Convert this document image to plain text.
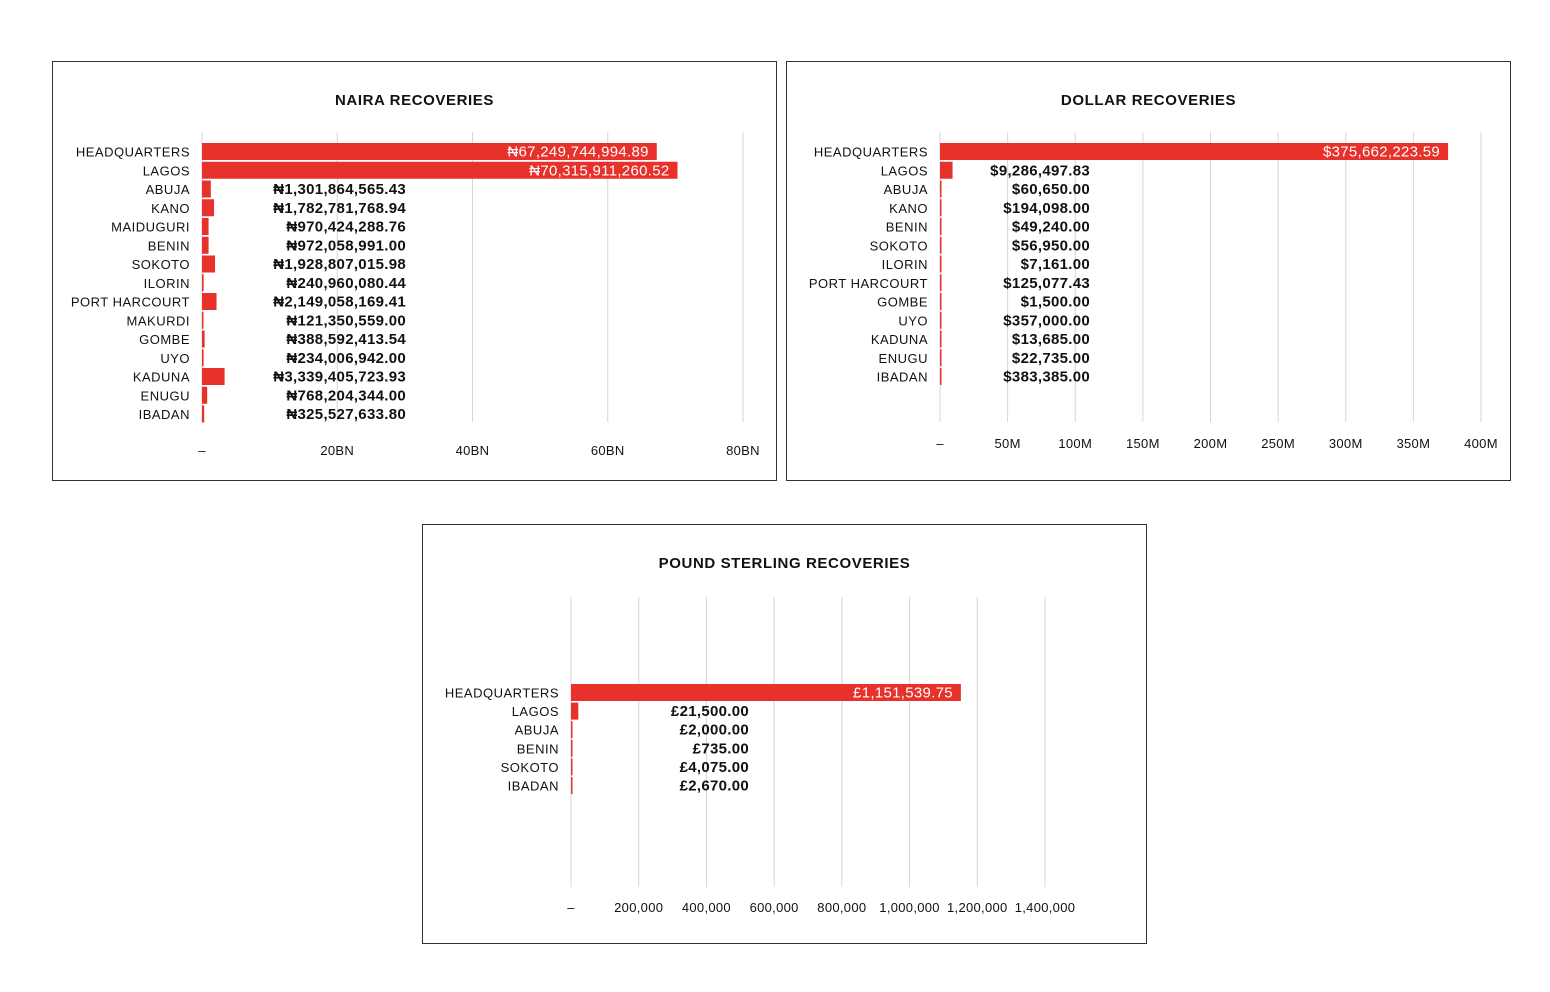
NAIRA RECOVERIES
–	20BN	40BN	60BN	80BN
HEADQUARTERS	₦67,249,744,994.89
LAGOS	₦70,315,911,260.52
ABUJA	₦1,301,864,565.43
KANO	₦1,782,781,768.94
MAIDUGURI	₦970,424,288.76
BENIN	₦972,058,991.00
SOKOTO	₦1,928,807,015.98
ILORIN	₦240,960,080.44
PORT HARCOURT	₦2,149,058,169.41
MAKURDI	₦121,350,559.00
GOMBE	₦388,592,413.54
UYO	₦234,006,942.00
KADUNA	₦3,339,405,723.93
ENUGU	₦768,204,344.00
IBADAN	₦325,527,633.80
DOLLAR RECOVERIES
–	50M	100M	150M	200M	250M	300M	350M	400M
HEADQUARTERS	$375,662,223.59
LAGOS	$9,286,497.83
ABUJA	$60,650.00
KANO	$194,098.00
BENIN	$49,240.00
SOKOTO	$56,950.00
ILORIN	$7,161.00
PORT HARCOURT	$125,077.43
GOMBE	$1,500.00
UYO	$357,000.00
KADUNA	$13,685.00
ENUGU	$22,735.00
IBADAN	$383,385.00
POUND STERLING RECOVERIES
–	200,000 400,000 600,000 800,000 1,000,000 1,200,000 1,400,000
HEADQUARTERS	£1,151,539.75
LAGOS	£21,500.00
ABUJA	£2,000.00
BENIN	£735.00
SOKOTO	£4,075.00
IBADAN	£2,670.00
